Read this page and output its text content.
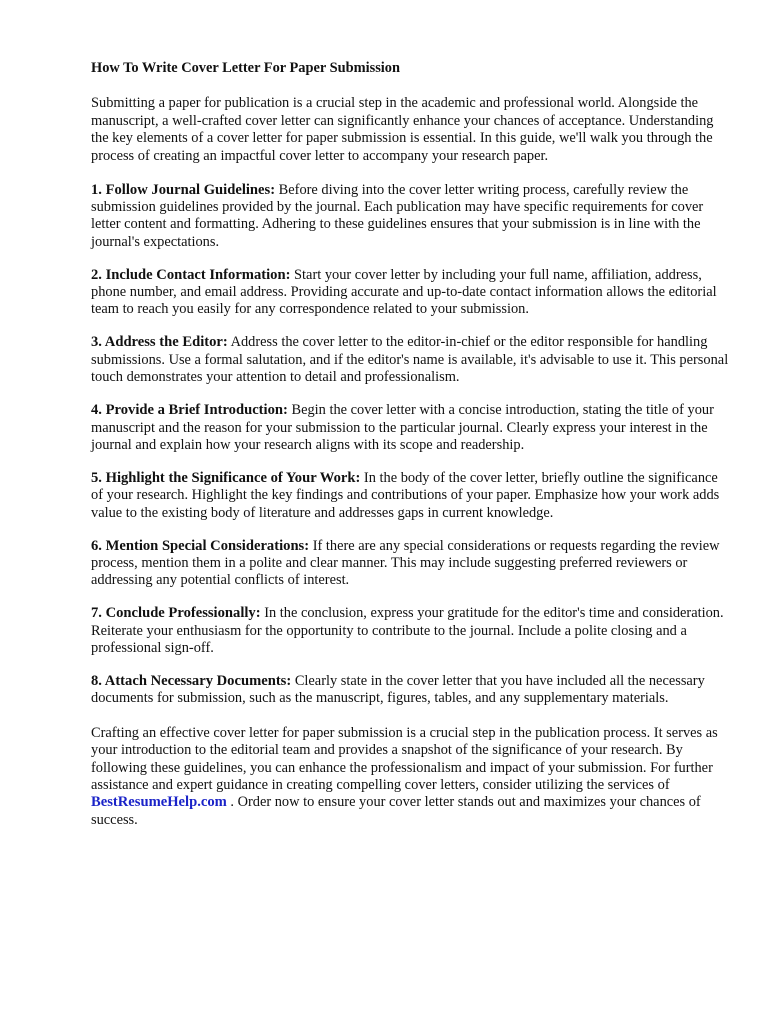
How To Write Cover Letter For Paper Submission

Submitting a paper for publication is a crucial step in the academic and professional world. Alongside the manuscript, a well-crafted cover letter can significantly enhance your chances of acceptance. Understanding the key elements of a cover letter for paper submission is essential. In this guide, we'll walk you through the process of creating an impactful cover letter to accompany your research paper.

1. Follow Journal Guidelines: Before diving into the cover letter writing process, carefully review the submission guidelines provided by the journal. Each publication may have specific requirements for cover letter content and formatting. Adhering to these guidelines ensures that your submission is in line with the journal's expectations.

2. Include Contact Information: Start your cover letter by including your full name, affiliation, address, phone number, and email address. Providing accurate and up-to-date contact information allows the editorial team to reach you easily for any correspondence related to your submission.

3. Address the Editor: Address the cover letter to the editor-in-chief or the editor responsible for handling submissions. Use a formal salutation, and if the editor's name is available, it's advisable to use it. This personal touch demonstrates your attention to detail and professionalism.

4. Provide a Brief Introduction: Begin the cover letter with a concise introduction, stating the title of your manuscript and the reason for your submission to the particular journal. Clearly express your interest in the journal and explain how your research aligns with its scope and readership.

5. Highlight the Significance of Your Work: In the body of the cover letter, briefly outline the significance of your research. Highlight the key findings and contributions of your paper. Emphasize how your work adds value to the existing body of literature and addresses gaps in current knowledge.

6. Mention Special Considerations: If there are any special considerations or requests regarding the review process, mention them in a polite and clear manner. This may include suggesting preferred reviewers or addressing any potential conflicts of interest.

7. Conclude Professionally: In the conclusion, express your gratitude for the editor's time and consideration. Reiterate your enthusiasm for the opportunity to contribute to the journal. Include a polite closing and a professional sign-off.

8. Attach Necessary Documents: Clearly state in the cover letter that you have included all the necessary documents for submission, such as the manuscript, figures, tables, and any supplementary materials.

Crafting an effective cover letter for paper submission is a crucial step in the publication process. It serves as your introduction to the editorial team and provides a snapshot of the significance of your research. By following these guidelines, you can enhance the professionalism and impact of your submission. For further assistance and expert guidance in creating compelling cover letters, consider utilizing the services of BestResumeHelp.com . Order now to ensure your cover letter stands out and maximizes your chances of success.
